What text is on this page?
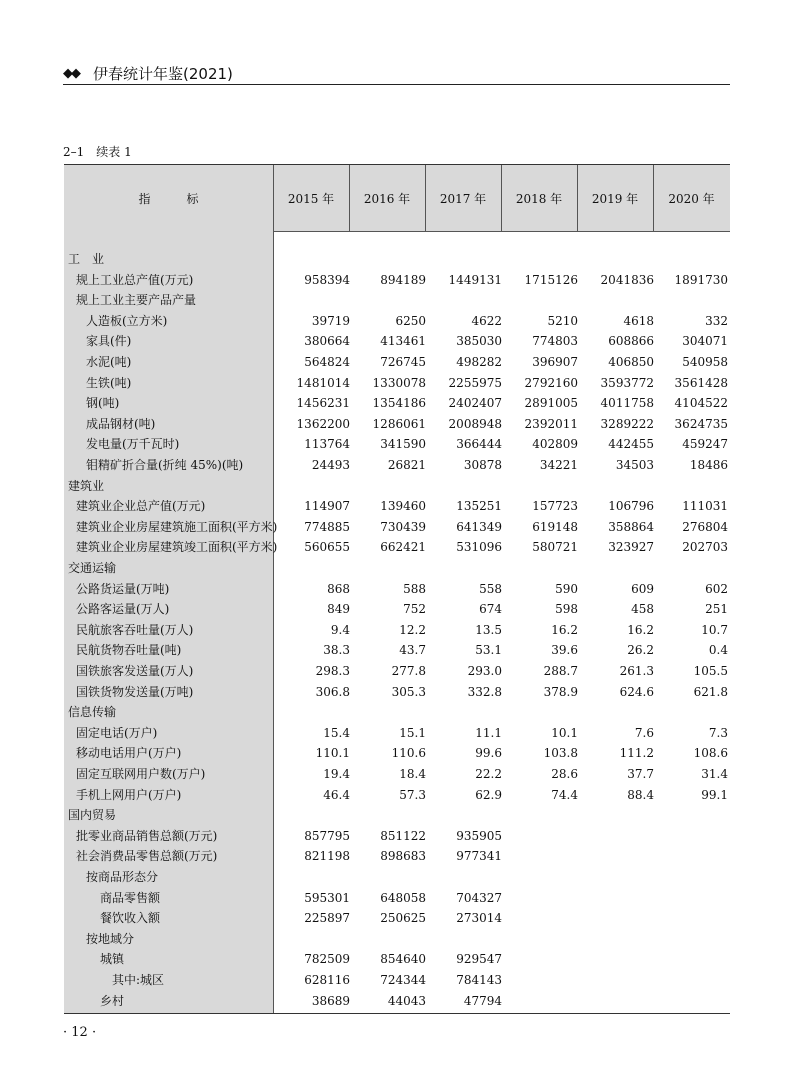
◆◆ 伊春统计年鉴(2021)
2–1　续表 1
指　　　标	2015 年	2016 年	2017 年	2018 年	2019 年	2020 年
工　业
规上工业总产值(万元)	958394	894189	1449131	1715126	2041836	1891730
规上工业主要产品产量
人造板(立方米)	39719	6250	4622	5210	4618	332
家具(件)	380664	413461	385030	774803	608866	304071
水泥(吨)	564824	726745	498282	396907	406850	540958
生铁(吨)	1481014	1330078	2255975	2792160	3593772	3561428
钢(吨)	1456231	1354186	2402407	2891005	4011758	4104522
成品钢材(吨)	1362200	1286061	2008948	2392011	3289222	3624735
发电量(万千瓦时)	113764	341590	366444	402809	442455	459247
钼精矿折合量(折纯 45%)(吨)	24493	26821	30878	34221	34503	18486
建筑业
建筑业企业总产值(万元)	114907	139460	135251	157723	106796	111031
建筑业企业房屋建筑施工面积(平方米)	774885	730439	641349	619148	358864	276804
建筑业企业房屋建筑竣工面积(平方米)	560655	662421	531096	580721	323927	202703
交通运输
公路货运量(万吨)	868	588	558	590	609	602
公路客运量(万人)	849	752	674	598	458	251
民航旅客吞吐量(万人)	9.4	12.2	13.5	16.2	16.2	10.7
民航货物吞吐量(吨)	38.3	43.7	53.1	39.6	26.2	0.4
国铁旅客发送量(万人)	298.3	277.8	293.0	288.7	261.3	105.5
国铁货物发送量(万吨)	306.8	305.3	332.8	378.9	624.6	621.8
信息传输
固定电话(万户)	15.4	15.1	11.1	10.1	7.6	7.3
移动电话用户(万户)	110.1	110.6	99.6	103.8	111.2	108.6
固定互联网用户数(万户)	19.4	18.4	22.2	28.6	37.7	31.4
手机上网用户(万户)	46.4	57.3	62.9	74.4	88.4	99.1
国内贸易
批零业商品销售总额(万元)	857795	851122	935905
社会消费品零售总额(万元)	821198	898683	977341
按商品形态分
商品零售额	595301	648058	704327
餐饮收入额	225897	250625	273014
按地域分
城镇	782509	854640	929547
其中:城区	628116	724344	784143
乡村	38689	44043	47794
· 12 ·
